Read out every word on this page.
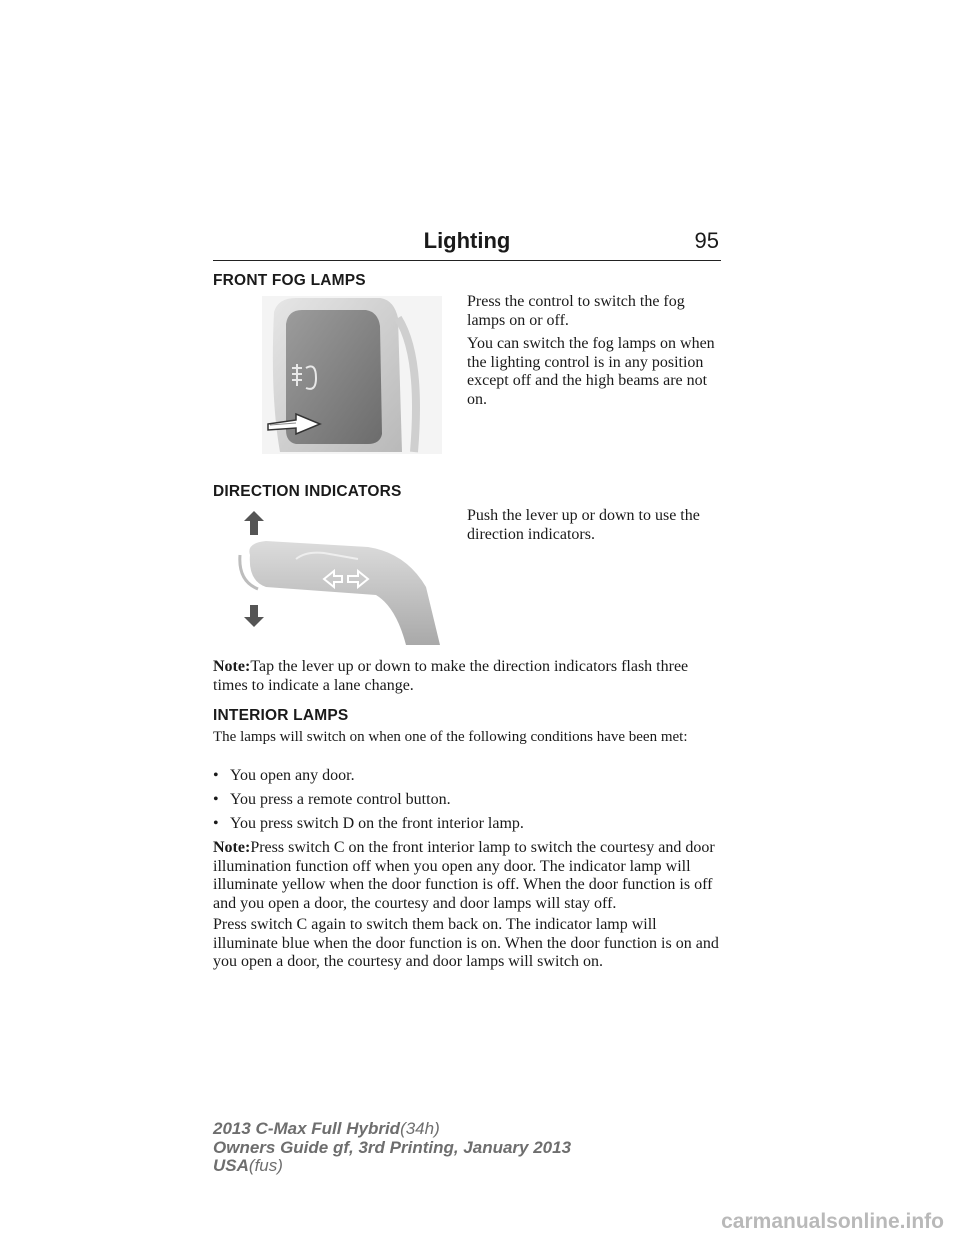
Lighting	95
FRONT FOG LAMPS

Press the control to switch the fog lamps on or off.

You can switch the fog lamps on when the lighting control is in any position except off and the high beams are not on.

DIRECTION INDICATORS

Push the lever up or down to use the direction indicators.

Note:Tap the lever up or down to make the direction indicators flash three times to indicate a lane change.

INTERIOR LAMPS

The lamps will switch on when one of the following conditions have been met:

• You open any door.
• You press a remote control button.
• You press switch D on the front interior lamp.

Note:Press switch C on the front interior lamp to switch the courtesy and door illumination function off when you open any door. The indicator lamp will illuminate yellow when the door function is off. When the door function is off and you open a door, the courtesy and door lamps will stay off.

Press switch C again to switch them back on. The indicator lamp will illuminate blue when the door function is on. When the door function is on and you open a door, the courtesy and door lamps will switch on.

2013 C-Max Full Hybrid(34h)
Owners Guide gf, 3rd Printing, January 2013
USA(fus)
carmanualsonline.info
